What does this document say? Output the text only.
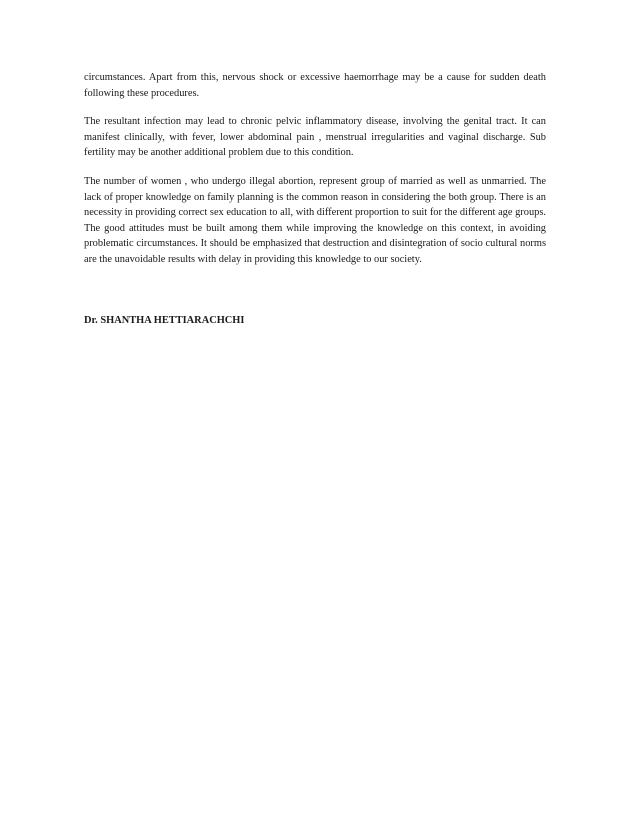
circumstances. Apart from this, nervous shock or excessive haemorrhage may be a cause for sudden death following these procedures.

The resultant infection may lead to chronic pelvic inflammatory disease, involving the genital tract. It can manifest clinically, with fever, lower abdominal pain , menstrual irregularities and vaginal discharge. Sub fertility may be another additional problem due to this condition.

The number of women , who undergo illegal abortion, represent group of married as well as unmarried. The lack of proper knowledge on family planning is the common reason in considering the both group. There is an necessity in providing correct sex education to all, with different proportion to suit for the different age groups. The good attitudes must be built among them while improving the knowledge on this context, in avoiding problematic circumstances. It should be emphasized that destruction and disintegration of socio cultural norms are the unavoidable results with delay in providing this knowledge to our society.

Dr. SHANTHA HETTIARACHCHI
